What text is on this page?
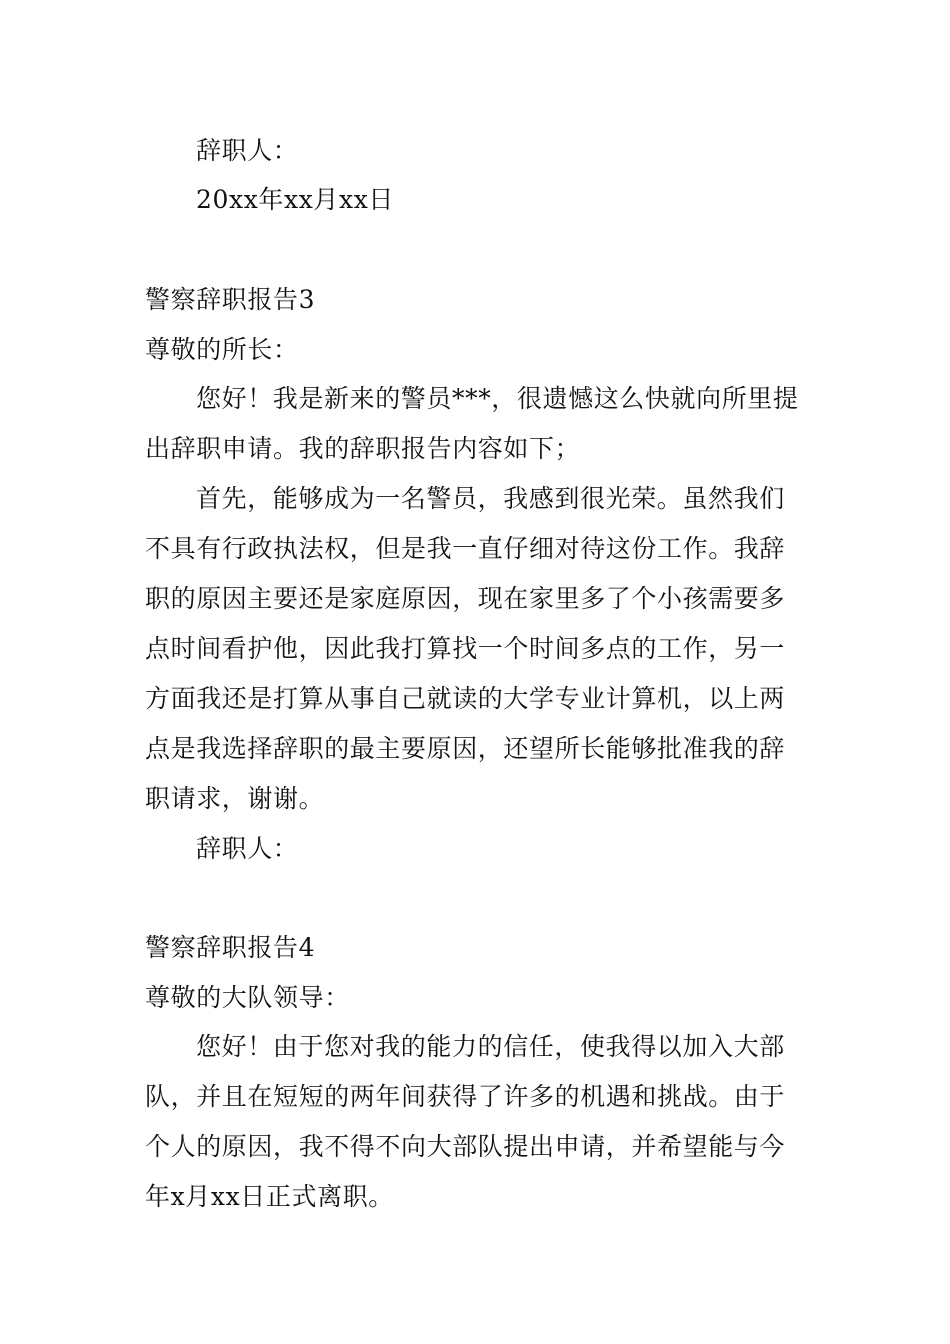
辞职人：
20xx年xx月xx日
警察辞职报告3
尊敬的所长：
您好！我是新来的警员***，很遗憾这么快就向所里提
出辞职申请。我的辞职报告内容如下；
首先，能够成为一名警员，我感到很光荣。虽然我们
不具有行政执法权，但是我一直仔细对待这份工作。我辞
职的原因主要还是家庭原因，现在家里多了个小孩需要多
点时间看护他，因此我打算找一个时间多点的工作，另一
方面我还是打算从事自己就读的大学专业计算机，以上两
点是我选择辞职的最主要原因，还望所长能够批准我的辞
职请求，谢谢。
辞职人：
警察辞职报告4
尊敬的大队领导：
您好！由于您对我的能力的信任，使我得以加入大部
队，并且在短短的两年间获得了许多的机遇和挑战。由于
个人的原因，我不得不向大部队提出申请，并希望能与今
年x月xx日正式离职。
